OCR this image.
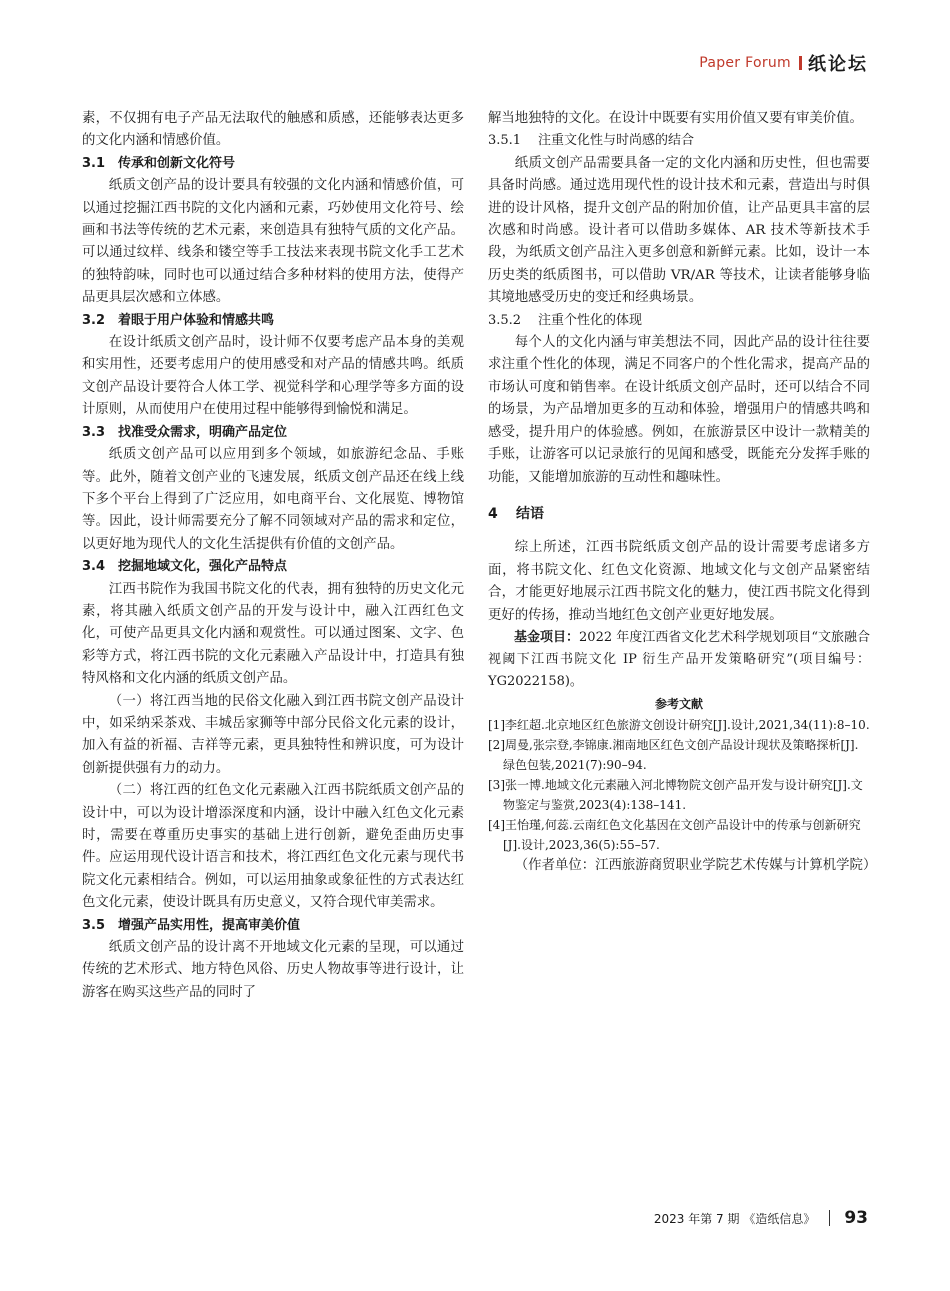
Paper Forum 纸论坛

素，不仅拥有电子产品无法取代的触感和质感，还能够表达更多的文化内涵和情感价值。

3.1 传承和创新文化符号

纸质文创产品的设计要具有较强的文化内涵和情感价值，可以通过挖掘江西书院的文化内涵和元素，巧妙使用文化符号、绘画和书法等传统的艺术元素，来创造具有独特气质的文化产品。可以通过纹样、线条和镂空等手工技法来表现书院文化手工艺术的独特韵味，同时也可以通过结合多种材料的使用方法，使得产品更具层次感和立体感。

3.2 着眼于用户体验和情感共鸣

在设计纸质文创产品时，设计师不仅要考虑产品本身的美观和实用性，还要考虑用户的使用感受和对产品的情感共鸣。纸质文创产品设计要符合人体工学、视觉科学和心理学等多方面的设计原则，从而使用户在使用过程中能够得到愉悦和满足。

3.3 找准受众需求，明确产品定位

纸质文创产品可以应用到多个领域，如旅游纪念品、手账等。此外，随着文创产业的飞速发展，纸质文创产品还在线上线下多个平台上得到了广泛应用，如电商平台、文化展览、博物馆等。因此，设计师需要充分了解不同领域对产品的需求和定位，以更好地为现代人的文化生活提供有价值的文创产品。

3.4 挖掘地域文化，强化产品特点

江西书院作为我国书院文化的代表，拥有独特的历史文化元素，将其融入纸质文创产品的开发与设计中，融入江西红色文化，可使产品更具文化内涵和观赏性。可以通过图案、文字、色彩等方式，将江西书院的文化元素融入产品设计中，打造具有独特风格和文化内涵的纸质文创产品。

（一）将江西当地的民俗文化融入到江西书院文创产品设计中，如采纳采茶戏、丰城岳家狮等中部分民俗文化元素的设计，加入有益的祈福、吉祥等元素，更具独特性和辨识度，可为设计创新提供强有力的动力。

（二）将江西的红色文化元素融入江西书院纸质文创产品的设计中，可以为设计增添深度和内涵，设计中融入红色文化元素时，需要在尊重历史事实的基础上进行创新，避免歪曲历史事件。应运用现代设计语言和技术，将江西红色文化元素与现代书院文化元素相结合。例如，可以运用抽象或象征性的方式表达红色文化元素，使设计既具有历史意义，又符合现代审美需求。

3.5 增强产品实用性，提高审美价值

纸质文创产品的设计离不开地域文化元素的呈现，可以通过传统的艺术形式、地方特色风俗、历史人物故事等进行设计，让游客在购买这些产品的同时了

解当地独特的文化。在设计中既要有实用价值又要有审美价值。

3.5.1 注重文化性与时尚感的结合

纸质文创产品需要具备一定的文化内涵和历史性，但也需要具备时尚感。通过选用现代性的设计技术和元素，营造出与时俱进的设计风格，提升文创产品的附加价值，让产品更具丰富的层次感和时尚感。设计者可以借助多媒体、AR 技术等新技术手段，为纸质文创产品注入更多创意和新鲜元素。比如，设计一本历史类的纸质图书，可以借助 VR/AR 等技术，让读者能够身临其境地感受历史的变迁和经典场景。

3.5.2 注重个性化的体现

每个人的文化内涵与审美想法不同，因此产品的设计往往要求注重个性化的体现，满足不同客户的个性化需求，提高产品的市场认可度和销售率。在设计纸质文创产品时，还可以结合不同的场景，为产品增加更多的互动和体验，增强用户的情感共鸣和感受，提升用户的体验感。例如，在旅游景区中设计一款精美的手账，让游客可以记录旅行的见闻和感受，既能充分发挥手账的功能，又能增加旅游的互动性和趣味性。

4 结语

综上所述，江西书院纸质文创产品的设计需要考虑诸多方面，将书院文化、红色文化资源、地域文化与文创产品紧密结合，才能更好地展示江西书院文化的魅力，使江西书院文化得到更好的传扬，推动当地红色文创产业更好地发展。

基金项目：2022 年度江西省文化艺术科学规划项目“文旅融合视阈下江西书院文化 IP 衍生产品开发策略研究”(项目编号：YG2022158)。

参考文献

[1]李红超.北京地区红色旅游文创设计研究[J].设计,2021,34(11):8–10.

[2]周曼,张宗登,李锦康.湘南地区红色文创产品设计现状及策略探析[J].绿色包装,2021(7):90–94.

[3]张一博.地域文化元素融入河北博物院文创产品开发与设计研究[J].文物鉴定与鉴赏,2023(4):138–141.

[4]王怡瑾,何蕊.云南红色文化基因在文创产品设计中的传承与创新研究[J].设计,2023,36(5):55–57.

（作者单位：江西旅游商贸职业学院艺术传媒与计算机学院）

2023 年第 7 期 《造纸信息》 93
